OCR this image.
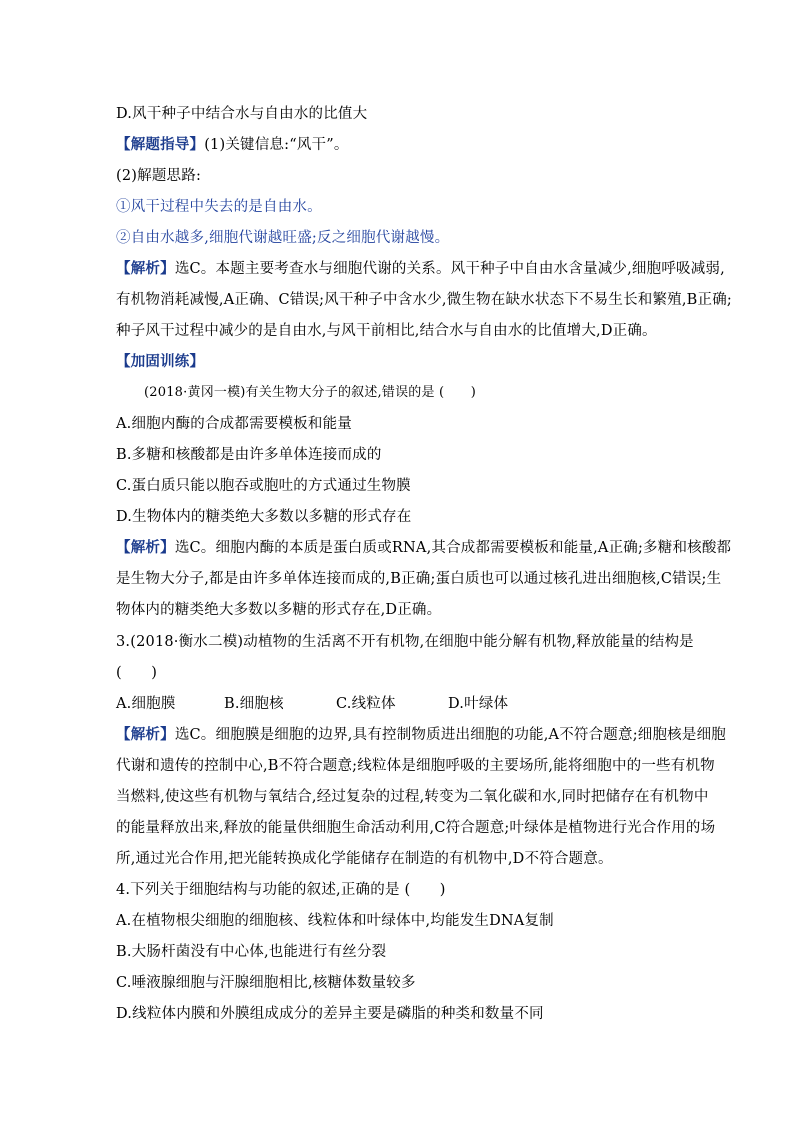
D.风干种子中结合水与自由水的比值大
【解题指导】(1)关键信息:“风干”。
(2)解题思路:
①风干过程中失去的是自由水。
②自由水越多,细胞代谢越旺盛;反之细胞代谢越慢。
【解析】选C。本题主要考查水与细胞代谢的关系。风干种子中自由水含量减少,细胞呼吸减弱,
有机物消耗减慢,A正确、C错误;风干种子中含水少,微生物在缺水状态下不易生长和繁殖,B正确;
种子风干过程中减少的是自由水,与风干前相比,结合水与自由水的比值增大,D正确。
【加固训练】
(2018·黄冈一模)有关生物大分子的叙述,错误的是 (　　)
A.细胞内酶的合成都需要模板和能量
B.多糖和核酸都是由许多单体连接而成的
C.蛋白质只能以胞吞或胞吐的方式通过生物膜
D.生物体内的糖类绝大多数以多糖的形式存在
【解析】选C。细胞内酶的本质是蛋白质或RNA,其合成都需要模板和能量,A正确;多糖和核酸都
是生物大分子,都是由许多单体连接而成的,B正确;蛋白质也可以通过核孔进出细胞核,C错误;生
物体内的糖类绝大多数以多糖的形式存在,D正确。
3.(2018·衡水二模)动植物的生活离不开有机物,在细胞中能分解有机物,释放能量的结构是
(　　)
A.细胞膜	B.细胞核	C.线粒体	D.叶绿体
【解析】选C。细胞膜是细胞的边界,具有控制物质进出细胞的功能,A不符合题意;细胞核是细胞
代谢和遗传的控制中心,B不符合题意;线粒体是细胞呼吸的主要场所,能将细胞中的一些有机物
当燃料,使这些有机物与氧结合,经过复杂的过程,转变为二氧化碳和水,同时把储存在有机物中
的能量释放出来,释放的能量供细胞生命活动利用,C符合题意;叶绿体是植物进行光合作用的场
所,通过光合作用,把光能转换成化学能储存在制造的有机物中,D不符合题意。
4.下列关于细胞结构与功能的叙述,正确的是 (　　)
A.在植物根尖细胞的细胞核、线粒体和叶绿体中,均能发生DNA复制
B.大肠杆菌没有中心体,也能进行有丝分裂
C.唾液腺细胞与汗腺细胞相比,核糖体数量较多
D.线粒体内膜和外膜组成成分的差异主要是磷脂的种类和数量不同
